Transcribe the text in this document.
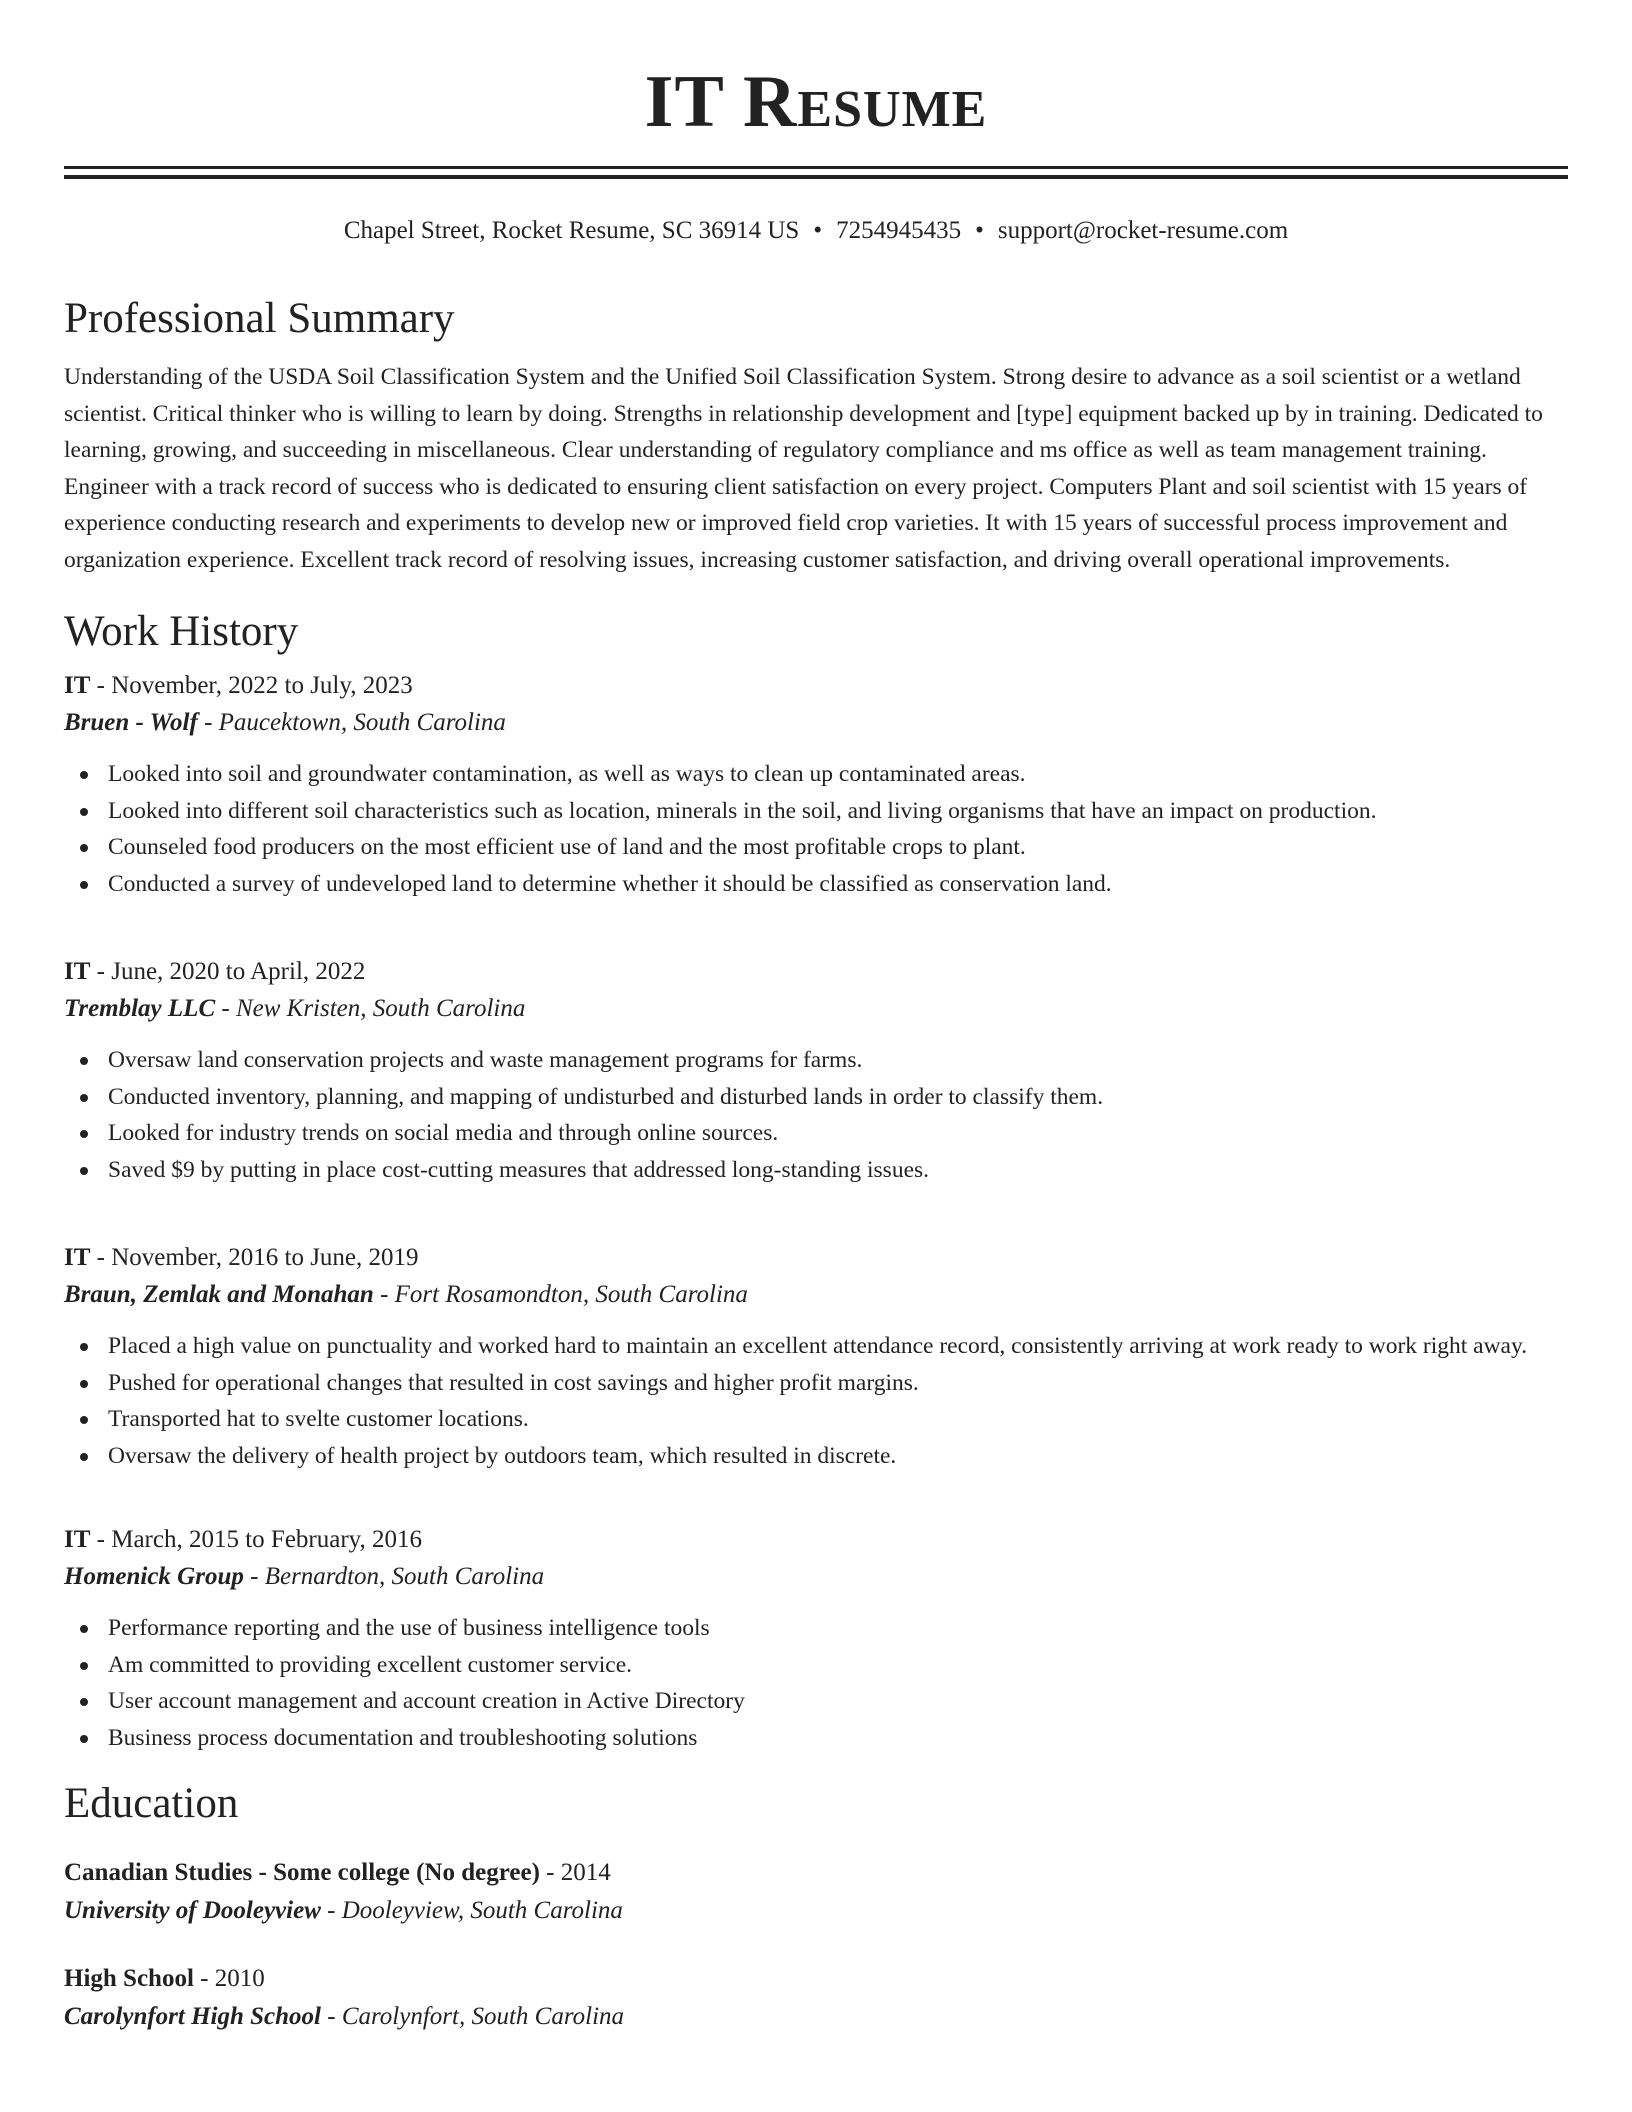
IT Resume
Chapel Street, Rocket Resume, SC 36914 US • 7254945435 • support@rocket-resume.com
Professional Summary

Understanding of the USDA Soil Classification System and the Unified Soil Classification System. Strong desire to advance as a soil scientist or a wetland scientist. Critical thinker who is willing to learn by doing. Strengths in relationship development and [type] equipment backed up by in training. Dedicated to learning, growing, and succeeding in miscellaneous. Clear understanding of regulatory compliance and ms office as well as team management training. Engineer with a track record of success who is dedicated to ensuring client satisfaction on every project. Computers Plant and soil scientist with 15 years of experience conducting research and experiments to develop new or improved field crop varieties. It with 15 years of successful process improvement and organization experience. Excellent track record of resolving issues, increasing customer satisfaction, and driving overall operational improvements.

Work History
IT - November, 2022 to July, 2023
Bruen - Wolf - Paucektown, South Carolina
Looked into soil and groundwater contamination, as well as ways to clean up contaminated areas.
Looked into different soil characteristics such as location, minerals in the soil, and living organisms that have an impact on production.
Counseled food producers on the most efficient use of land and the most profitable crops to plant.
Conducted a survey of undeveloped land to determine whether it should be classified as conservation land.
IT - June, 2020 to April, 2022
Tremblay LLC - New Kristen, South Carolina
Oversaw land conservation projects and waste management programs for farms.
Conducted inventory, planning, and mapping of undisturbed and disturbed lands in order to classify them.
Looked for industry trends on social media and through online sources.
Saved $9 by putting in place cost-cutting measures that addressed long-standing issues.
IT - November, 2016 to June, 2019
Braun, Zemlak and Monahan - Fort Rosamondton, South Carolina
Placed a high value on punctuality and worked hard to maintain an excellent attendance record, consistently arriving at work ready to work right away.
Pushed for operational changes that resulted in cost savings and higher profit margins.
Transported hat to svelte customer locations.
Oversaw the delivery of health project by outdoors team, which resulted in discrete.
IT - March, 2015 to February, 2016
Homenick Group - Bernardton, South Carolina
Performance reporting and the use of business intelligence tools
Am committed to providing excellent customer service.
User account management and account creation in Active Directory
Business process documentation and troubleshooting solutions
Education
Canadian Studies - Some college (No degree) - 2014
University of Dooleyview - Dooleyview, South Carolina
High School - 2010
Carolynfort High School - Carolynfort, South Carolina
